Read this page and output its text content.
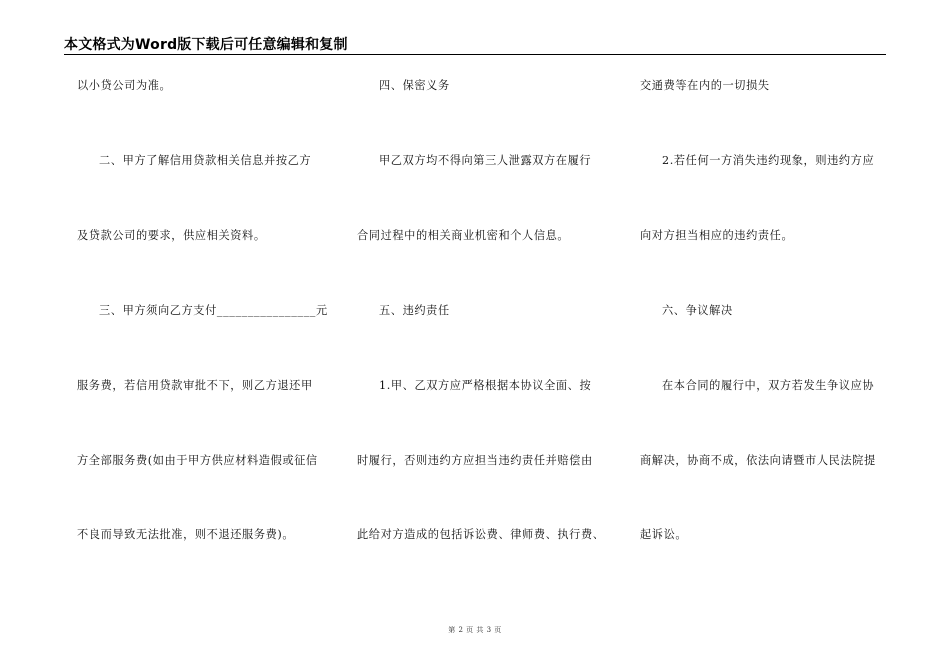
本文格式为Word版下载后可任意编辑和复制
以小贷公司为准。
二、甲方了解信用贷款相关信息并按乙方
及贷款公司的要求，供应相关资料。
三、甲方须向乙方支付________________元
服务费，若信用贷款审批不下，则乙方退还甲
方全部服务费(如由于甲方供应材料造假或征信
不良而导致无法批准，则不退还服务费)。
四、保密义务
甲乙双方均不得向第三人泄露双方在履行
合同过程中的相关商业机密和个人信息。
五、违约责任
1.甲、乙双方应严格根据本协议全面、按
时履行，否则违约方应担当违约责任并赔偿由
此给对方造成的包括诉讼费、律师费、执行费、
交通费等在内的一切损失
2.若任何一方消失违约现象，则违约方应
向对方担当相应的违约责任。
六、争议解决
在本合同的履行中，双方若发生争议应协
商解决，协商不成，依法向请暨市人民法院提
起诉讼。
第 2 页 共 3 页
